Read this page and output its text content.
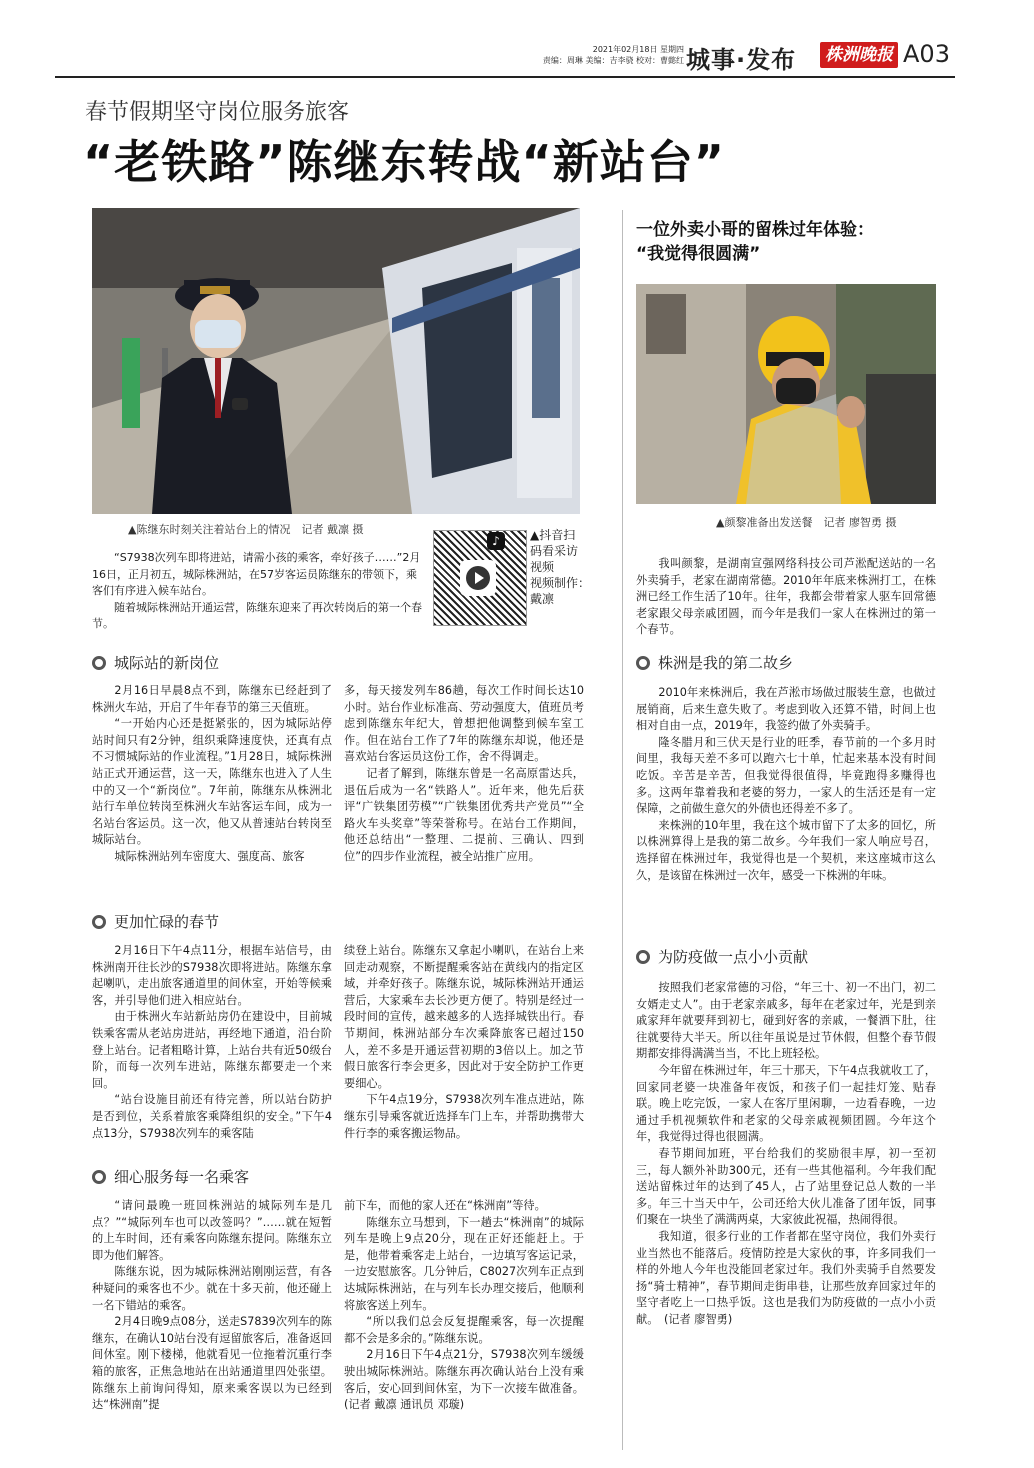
2021年02月18日 星期四
责编：周琳 美编：吉李骁 校对：曹懿红 城事·发布 株洲晚报 A03
春节假期坚守岗位服务旅客
“老铁路”陈继东转战“新站台”
▲陈继东时刻关注着站台上的情况　记者 戴凛 摄
♪	▲抖音扫
码看采访
视频
视频制作：
戴凛

“S7938次列车即将进站，请需小孩的乘客，牵好孩子……”2月16日，正月初五，城际株洲站，在57岁客运员陈继东的带领下，乘客们有序进入候车站台。

随着城际株洲站开通运营，陈继东迎来了再次转岗后的第一个春节。

城际站的新岗位

2月16日早晨8点不到，陈继东已经赶到了株洲火车站，开启了牛年春节的第三天值班。

“一开始内心还是挺紧张的，因为城际站停站时间只有2分钟，组织乘降速度快，还真有点不习惯城际站的作业流程。”1月28日，城际株洲站正式开通运营，这一天，陈继东也进入了人生中的又一个“新岗位”。7年前，陈继东从株洲北站行车单位转岗至株洲火车站客运车间，成为一名站台客运员。这一次，他又从普速站台转岗至城际站台。

城际株洲站列车密度大、强度高、旅客

多，每天接发列车86趟，每次工作时间长达10小时。站台作业标准高、劳动强度大，值班员考虑到陈继东年纪大，曾想把他调整到候车室工作。但在站台工作了7年的陈继东却说，他还是喜欢站台客运员这份工作，舍不得调走。

记者了解到，陈继东曾是一名高原雷达兵，退伍后成为一名“铁路人”。近年来，他先后获评“广铁集团劳模”“广铁集团优秀共产党员”“全路火车头奖章”等荣誉称号。在站台工作期间，他还总结出“一整理、二提前、三确认、四到位”的四步作业流程，被全站推广应用。

更加忙碌的春节

2月16日下午4点11分，根据车站信号，由株洲南开往长沙的S7938次即将进站。陈继东拿起喇叭，走出旅客通道里的间休室，开始等候乘客，并引导他们进入相应站台。

由于株洲火车站新站房仍在建设中，目前城铁乘客需从老站房进站，再经地下通道，沿台阶登上站台。记者粗略计算，上站台共有近50级台阶，而每一次列车进站，陈继东都要走一个来回。

“站台设施目前还有待完善，所以站台防护是否到位，关系着旅客乘降组织的安全。”下午4点13分，S7938次列车的乘客陆

续登上站台。陈继东又拿起小喇叭，在站台上来回走动观察，不断提醒乘客站在黄线内的指定区域，并牵好孩子。陈继东说，城际株洲站开通运营后，大家乘车去长沙更方便了。特别是经过一段时间的宣传，越来越多的人选择城铁出行。春节期间，株洲站部分车次乘降旅客已超过150人，差不多是开通运营初期的3倍以上。加之节假日旅客行李会更多，因此对于安全防护工作更要细心。

下午4点19分，S7938次列车准点进站，陈继东引导乘客就近选择车门上车，并帮助携带大件行李的乘客搬运物品。

细心服务每一名乘客

“请问最晚一班回株洲站的城际列车是几点？”“城际列车也可以改签吗？”……就在短暂的上车时间，还有乘客向陈继东提问。陈继东立即为他们解答。

陈继东说，因为城际株洲站刚刚运营，有各种疑问的乘客也不少。就在十多天前，他还碰上一名下错站的乘客。

2月4日晚9点08分，送走S7839次列车的陈继东，在确认10站台没有逗留旅客后，准备返回间休室。刚下楼梯，他就看见一位拖着沉重行李箱的旅客，正焦急地站在出站通道里四处张望。陈继东上前询问得知，原来乘客误以为已经到达“株洲南”提

前下车，而他的家人还在“株洲南”等待。

陈继东立马想到，下一趟去“株洲南”的城际列车是晚上9点20分，现在正好还能赶上。于是，他带着乘客走上站台，一边填写客运记录，一边安慰旅客。几分钟后，C8027次列车正点到达城际株洲站，在与列车长办理交接后，他顺利将旅客送上列车。

“所以我们总会反复提醒乘客，每一次提醒都不会是多余的。”陈继东说。

2月16日下午4点21分，S7938次列车缓缓驶出城际株洲站。陈继东再次确认站台上没有乘客后，安心回到间休室，为下一次接车做准备。(记者 戴凛 通讯员 邓璇)

一位外卖小哥的留株过年体验：
“我觉得很圆满”
▲颜黎准备出发送餐　记者 廖智勇 摄

我叫颜黎，是湖南宣强网络科技公司芦淞配送站的一名外卖骑手，老家在湖南常德。2010年年底来株洲打工，在株洲已经工作生活了10年。往年，我都会带着家人驱车回常德老家跟父母亲戚团圆，而今年是我们一家人在株洲过的第一个春节。

株洲是我的第二故乡

2010年来株洲后，我在芦淞市场做过服装生意，也做过展销商，后来生意失败了。考虑到收入还算不错，时间上也相对自由一点，2019年，我签约做了外卖骑手。

隆冬腊月和三伏天是行业的旺季，春节前的一个多月时间里，我每天差不多可以跑六七十单，忙起来基本没有时间吃饭。辛苦是辛苦，但我觉得很值得，毕竟跑得多赚得也多。这两年靠着我和老婆的努力，一家人的生活还是有一定保障，之前做生意欠的外债也还得差不多了。

来株洲的10年里，我在这个城市留下了太多的回忆，所以株洲算得上是我的第二故乡。今年我们一家人响应号召，选择留在株洲过年，我觉得也是一个契机，来这座城市这么久，是该留在株洲过一次年，感受一下株洲的年味。

为防疫做一点小小贡献

按照我们老家常德的习俗，“年三十、初一不出门，初二女婿走丈人”。由于老家亲戚多，每年在老家过年，光是到亲戚家拜年就要拜到初七，碰到好客的亲戚，一餐酒下肚，往往就要待大半天。所以往年虽说是过节休假，但整个春节假期都安排得满满当当，不比上班轻松。

今年留在株洲过年，年三十那天，下午4点我就收工了，回家同老婆一块准备年夜饭，和孩子们一起挂灯笼、贴春联。晚上吃完饭，一家人在客厅里闲聊，一边看春晚，一边通过手机视频软件和老家的父母亲戚视频团圆。今年这个年，我觉得过得也很圆满。

春节期间加班，平台给我们的奖励很丰厚，初一至初三，每人额外补助300元，还有一些其他福利。今年我们配送站留株过年的达到了45人，占了站里登记总人数的一半多。年三十当天中午，公司还给大伙儿准备了团年饭，同事们聚在一块坐了满满两桌，大家彼此祝福，热闹得很。

我知道，很多行业的工作者都在坚守岗位，我们外卖行业当然也不能落后。疫情防控是大家伙的事，许多同我们一样的外地人今年也没能回老家过年。我们外卖骑手自然要发扬“骑士精神”，春节期间走街串巷，让那些放弃回家过年的坚守者吃上一口热乎饭。这也是我们为防疫做的一点小小贡献。　(记者 廖智勇)
